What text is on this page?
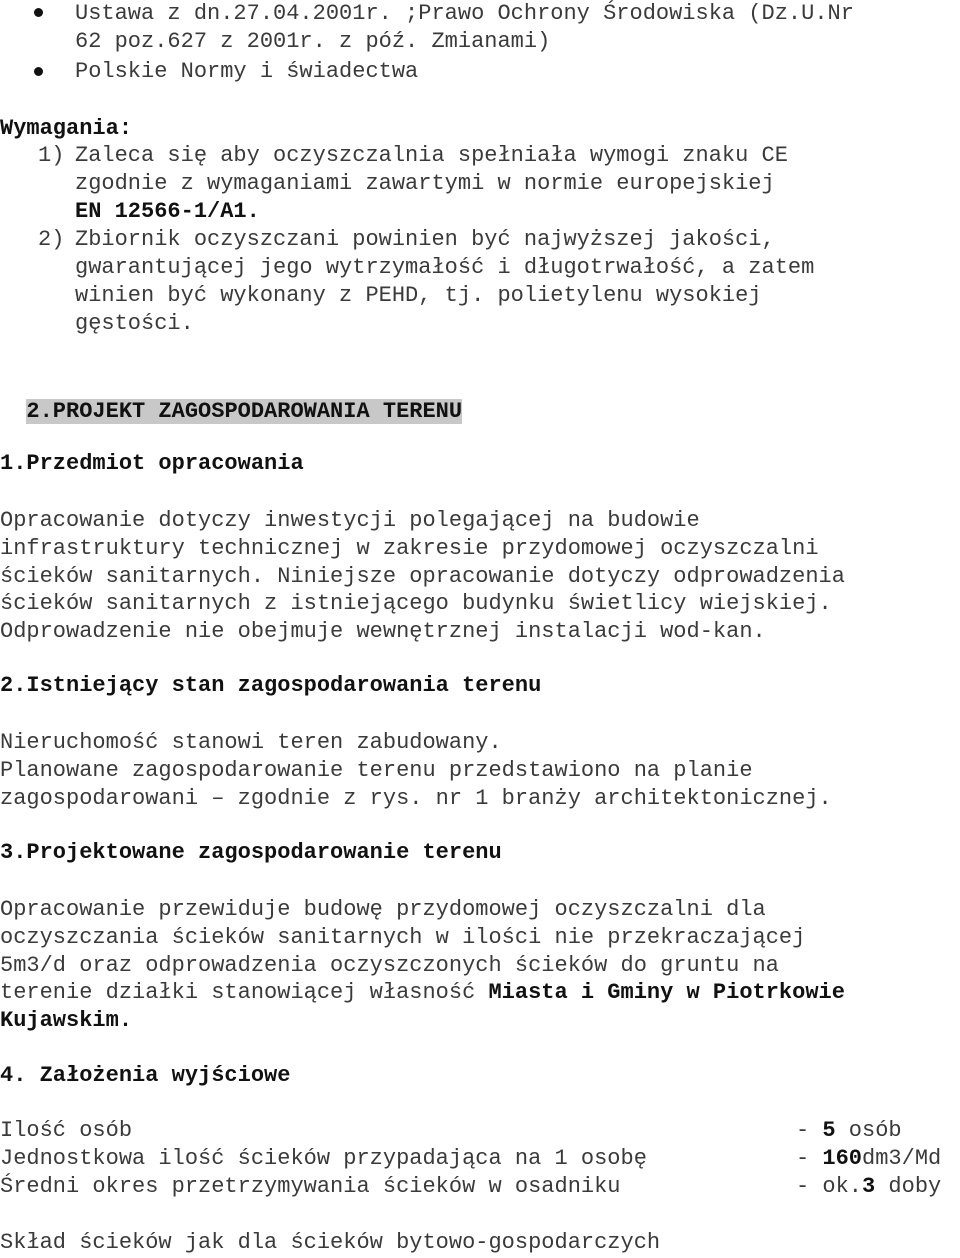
Ustawa z dn.27.04.2001r. ;Prawo Ochrony Środowiska (Dz.U.Nr
62 poz.627 z 2001r. z póź. Zmianami)
Polskie Normy i świadectwa
Wymagania:
1) Zaleca się aby oczyszczalnia spełniała wymogi znaku CE
zgodnie z wymaganiami zawartymi w normie europejskiej
EN 12566-1/A1.
2) Zbiornik oczyszczani powinien być najwyższej jakości,
gwarantującej jego wytrzymałość i długotrwałość, a zatem
winien być wykonany z PEHD, tj. polietylenu wysokiej
gęstości.

2.PROJEKT ZAGOSPODAROWANIA TERENU

1.Przedmiot opracowania
Opracowanie dotyczy inwestycji polegającej na budowie
infrastruktury technicznej w zakresie przydomowej oczyszczalni
ścieków sanitarnych. Niniejsze opracowanie dotyczy odprowadzenia
ścieków sanitarnych z istniejącego budynku świetlicy wiejskiej.
Odprowadzenie nie obejmuje wewnętrznej instalacji wod-kan.
2.Istniejący stan zagospodarowania terenu
Nieruchomość stanowi teren zabudowany.
Planowane zagospodarowanie terenu przedstawiono na planie
zagospodarowani – zgodnie z rys. nr 1 branży architektonicznej.
3.Projektowane zagospodarowanie terenu
Opracowanie przewiduje budowę przydomowej oczyszczalni dla
oczyszczania ścieków sanitarnych w ilości nie przekraczającej
5m3/d oraz odprowadzenia oczyszczonych ścieków do gruntu na
terenie działki stanowiącej własność Miasta i Gminy w Piotrkowie
Kujawskim.
4. Założenia wyjściowe
Ilość osób	- 5 osób
Jednostkowa ilość ścieków przypadająca na 1 osobę	- 160dm3/Md
Średni okres przetrzymywania ścieków w osadniku	- ok.3 doby
Skład ścieków jak dla ścieków bytowo-gospodarczych
